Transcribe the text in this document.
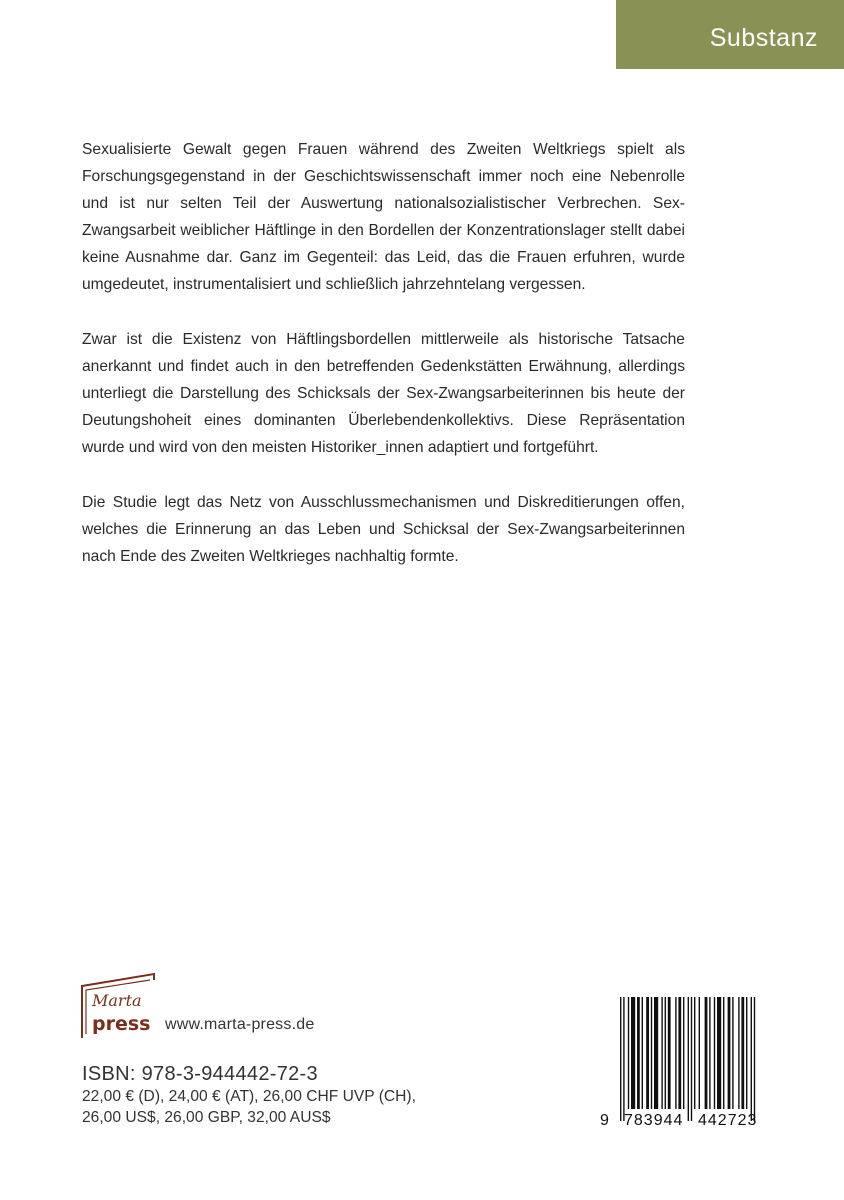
Substanz

Sexualisierte Gewalt gegen Frauen während des Zweiten Weltkriegs spielt als Forschungsgegenstand in der Geschichtswissenschaft immer noch eine Nebenrolle und ist nur selten Teil der Auswertung nationalsozialistischer Verbrechen. Sex-Zwangsarbeit weiblicher Häftlinge in den Bordellen der Konzentrationslager stellt dabei keine Ausnahme dar. Ganz im Gegenteil: das Leid, das die Frauen erfuhren, wurde umgedeutet, instrumentalisiert und schließlich jahrzehntelang vergessen.

Zwar ist die Existenz von Häftlingsbordellen mittlerweile als historische Tatsache anerkannt und findet auch in den betreffenden Gedenkstätten Erwähnung, allerdings unterliegt die Darstellung des Schicksals der Sex-Zwangsarbeiterinnen bis heute der Deutungshoheit eines dominanten Überlebendenkollektivs. Diese Repräsentation wurde und wird von den meisten Historiker_innen adaptiert und fortgeführt.

Die Studie legt das Netz von Ausschlussmechanismen und Diskreditierungen offen, welches die Erinnerung an das Leben und Schicksal der Sex-Zwangsarbeiterinnen nach Ende des Zweiten Weltkrieges nachhaltig formte.

Marta
press www.marta-press.de
ISBN: 978-3-944442-72-3
22,00 € (D), 24,00 € (AT), 26,00 CHF UVP (CH),
26,00 US$, 26,00 GBP, 32,00 AUS$	9 783944 442723
